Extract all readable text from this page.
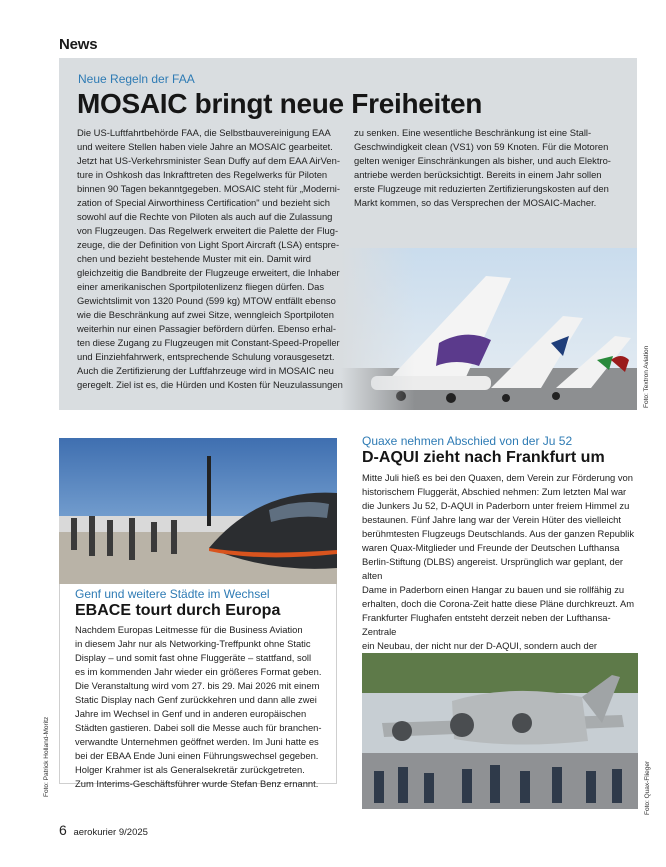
News
Neue Regeln der FAA
MOSAIC bringt neue Freiheiten
Die US-Luftfahrtbehörde FAA, die Selbstbauvereinigung EAA
und weitere Stellen haben viele Jahre an MOSAIC gearbeitet.
Jetzt hat US-Verkehrsminister Sean Duffy auf dem EAA AirVen-
ture in Oshkosh das Inkrafttreten des Regelwerks für Piloten
binnen 90 Tagen bekanntgegeben. MOSAIC steht für „Moderni-
zation of Special Airworthiness Certification" und bezieht sich
sowohl auf die Rechte von Piloten als auch auf die Zulassung
von Flugzeugen. Das Regelwerk erweitert die Palette der Flug-
zeuge, die der Definition von Light Sport Aircraft (LSA) entspre-
chen und bezieht bestehende Muster mit ein. Damit wird
gleichzeitig die Bandbreite der Flugzeuge erweitert, die Inhaber
einer amerikanischen Sportpilotenlizenz fliegen dürfen. Das
Gewichtslimit von 1320 Pound (599 kg) MTOW entfällt ebenso
wie die Beschränkung auf zwei Sitze, wenngleich Sportpiloten
weiterhin nur einen Passagier befördern dürfen. Ebenso erhal-
ten diese Zugang zu Flugzeugen mit Constant-Speed-Propeller
und Einziehfahrwerk, entsprechende Schulung vorausgesetzt.
Auch die Zertifizierung der Luftfahrzeuge wird in MOSAIC neu
geregelt. Ziel ist es, die Hürden und Kosten für Neuzulassungen
zu senken. Eine wesentliche Beschränkung ist eine Stall-
Geschwindigkeit clean (VS1) von 59 Knoten. Für die Motoren
gelten weniger Einschränkungen als bisher, und auch Elektro-
antriebe werden berücksichtigt. Bereits in einem Jahr sollen
erste Flugzeuge mit reduzierten Zertifizierungskosten auf den
Markt kommen, so das Versprechen der MOSAIC-Macher.
Foto: Textron Aviation
Genf und weitere Städte im Wechsel
EBACE tourt durch Europa
Nachdem Europas Leitmesse für die Business Aviation
in diesem Jahr nur als Networking-Treffpunkt ohne Static
Display – und somit fast ohne Fluggeräte – stattfand, soll
es im kommenden Jahr wieder ein größeres Format geben.
Die Veranstaltung wird vom 27. bis 29. Mai 2026 mit einem
Static Display nach Genf zurückkehren und dann alle zwei
Jahre im Wechsel in Genf und in anderen europäischen
Städten gastieren. Dabei soll die Messe auch für branchen-
verwandte Unternehmen geöffnet werden. Im Juni hatte es
bei der EBAA Ende Juni einen Führungswechsel gegeben.
Holger Krahmer ist als Generalsekretär zurückgetreten.
Zum Interims-Geschäftsführer wurde Stefan Benz ernannt.
Foto: Patrick Holland-Moritz
Quaxe nehmen Abschied von der Ju 52
D-AQUI zieht nach Frankfurt um
Mitte Juli hieß es bei den Quaxen, dem Verein zur Förderung von
historischem Fluggerät, Abschied nehmen: Zum letzten Mal war
die Junkers Ju 52, D-AQUI in Paderborn unter freiem Himmel zu
bestaunen. Fünf Jahre lang war der Verein Hüter des vielleicht
berühmtesten Flugzeugs Deutschlands. Aus der ganzen Republik
waren Quax-Mitglieder und Freunde der Deutschen Lufthansa
Berlin-Stiftung (DLBS) angereist. Ursprünglich war geplant, der alten
Dame in Paderborn einen Hangar zu bauen und sie rollfähig zu
erhalten, doch die Corona-Zeit hatte diese Pläne durchkreuzt. Am
Frankfurter Flughafen entsteht derzeit neben der Lufthansa-Zentrale
ein Neubau, der nicht nur der D-AQUI, sondern auch der
Foto: Quax-Flieger
6 aerokurier 9/2025
